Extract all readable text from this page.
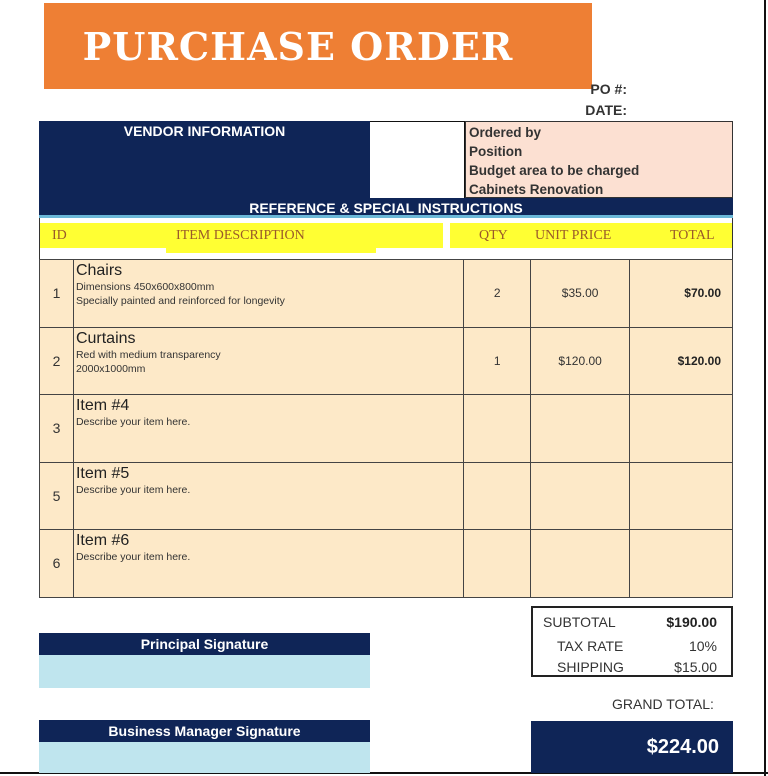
PURCHASE ORDER
PO #:
DATE:
VENDOR INFORMATION	Ordered by
Position
Budget area to be charged
Cabinets Renovation
REFERENCE & SPECIAL INSTRUCTIONS
ID	ITEM DESCRIPTION	QTY UNIT PRICE	TOTAL
1	Chairs
Dimensions 450x600x800mm
Specially painted and reinforced for longevity	2	$35.00	$70.00
2	Curtains
Red with medium transparency
2000x1000mm	1	$120.00	$120.00
3	Item #4
Describe your item here.			

5	Item #5
Describe your item here.			

6	Item #6
Describe your item here.			

Principal Signature
Business Manager Signature
SUBTOTAL	$190.00
TAX RATE	10%
SHIPPING	$15.00
GRAND TOTAL:
$224.00
